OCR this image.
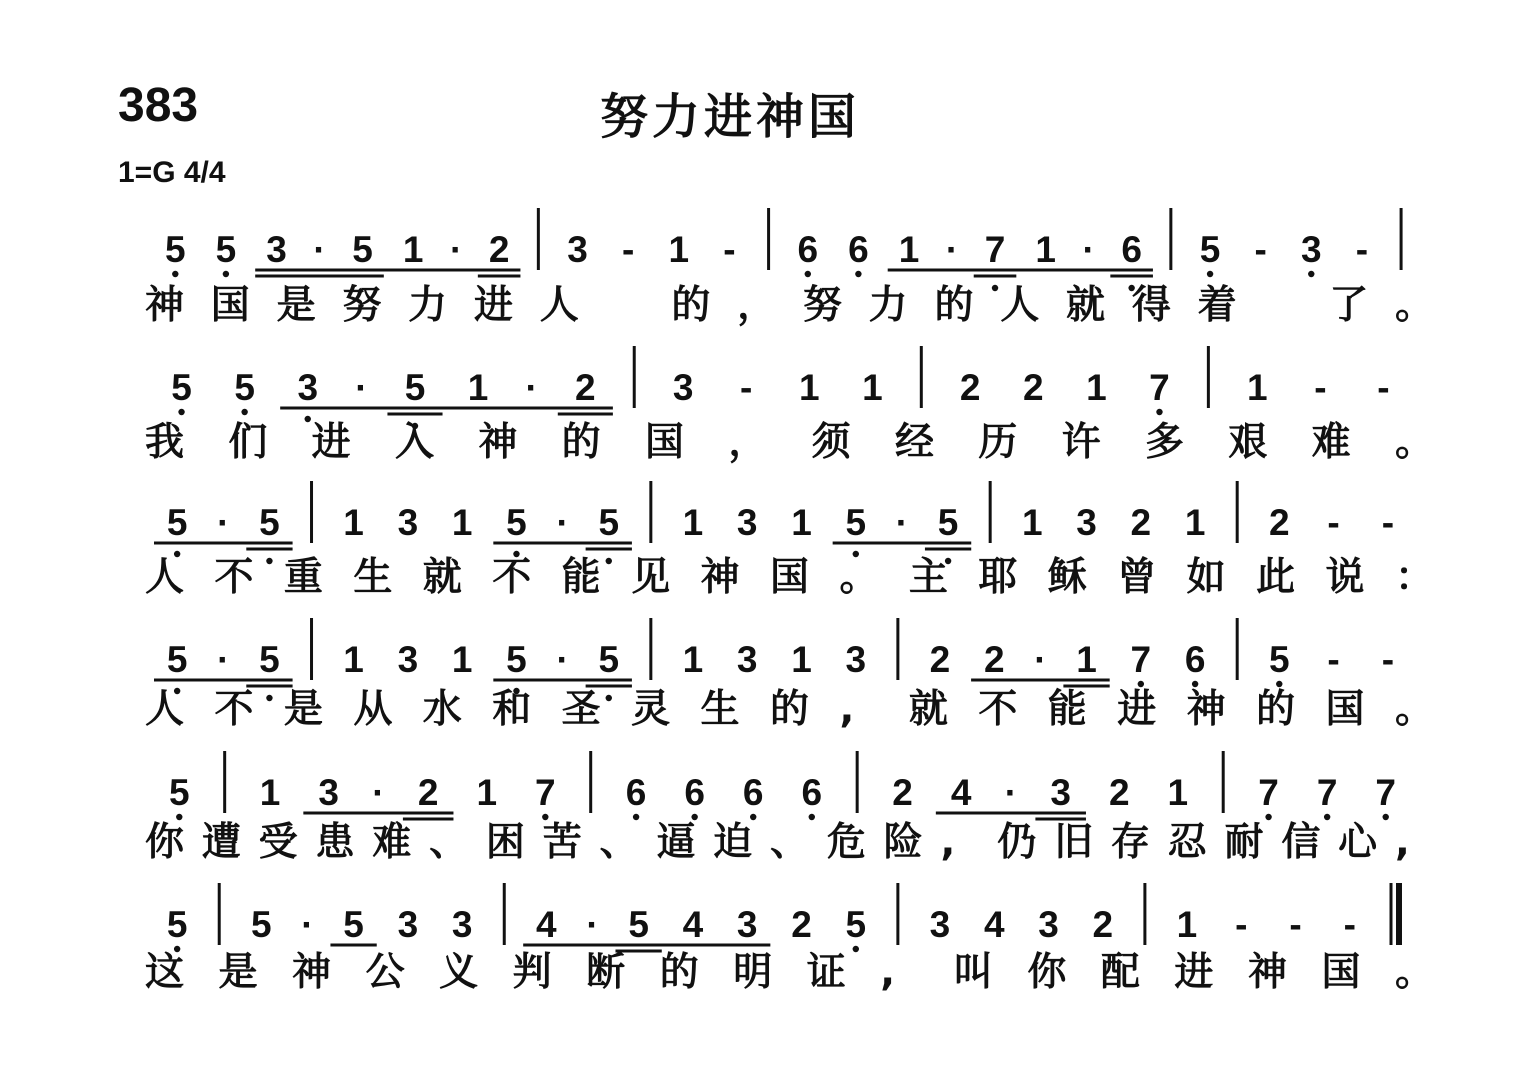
383	努力进神国
1=G 4/4
5 5 3 · 5 1 · 2 3 - 1 - 6 6 1 · 7 1 · 6 5 - 3 -
神 国 是 努 力 进 人
　 的 ， 努 力 的 人 就 得 着
　 了 。
5 5 3 · 5 1 · 2 3 - 1 1 2 2 1 7 1 - -
我 们 进 入 神 的 国 ， 须 经 历 许 多 艰 难 。
5 · 5 1 3 1 5 · 5 1 3 1 5 · 5 1 3 2 1 2 - -
人 不 重 生 就 不 能 见 神 国 。 主 耶 稣 曾 如 此 说 ：
5 · 5 1 3 1 5 · 5 1 3 1 3 2 2 · 1 7 6 5 - -
人 不 是 从 水 和 圣 灵 生 的 , 就 不 能 进 神 的 国 。
5 1 3 · 2 1 7 6 6 6 6 2 4 · 3 2 1 7 7 7
你 遭 受 患 难 、 困 苦 、 逼 迫 、 危 险 , 仍 旧 存 忍 耐 信 心 ,
5 5 · 5 3 3 4 · 5 4 3 2 5 3 4 3 2 1 - - -
这 是 神 公 义 判 断 的 明 证 , 叫 你 配 进 神 国 。
